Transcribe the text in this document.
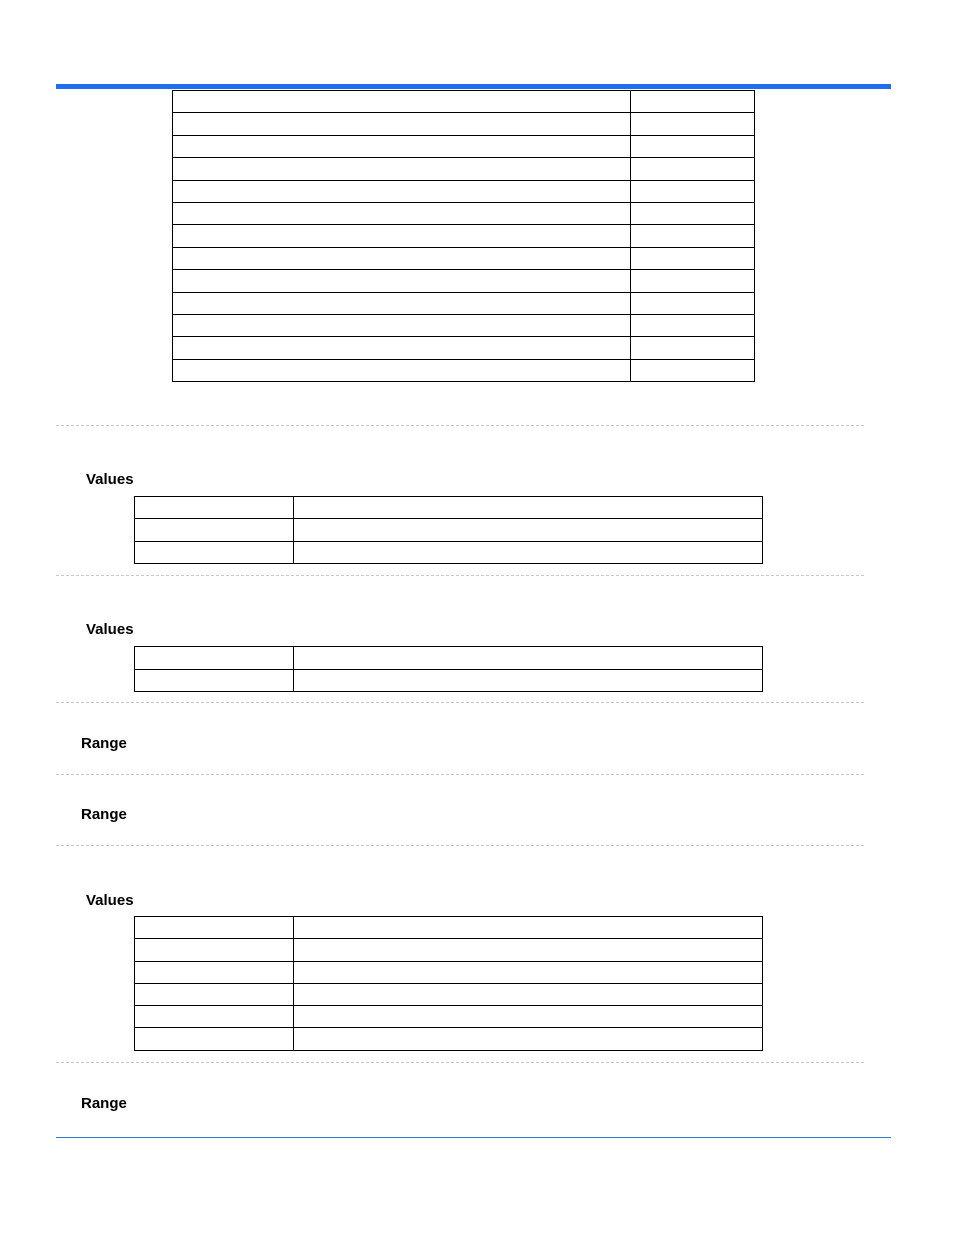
Values

Values

Range
Range
Values

Range
